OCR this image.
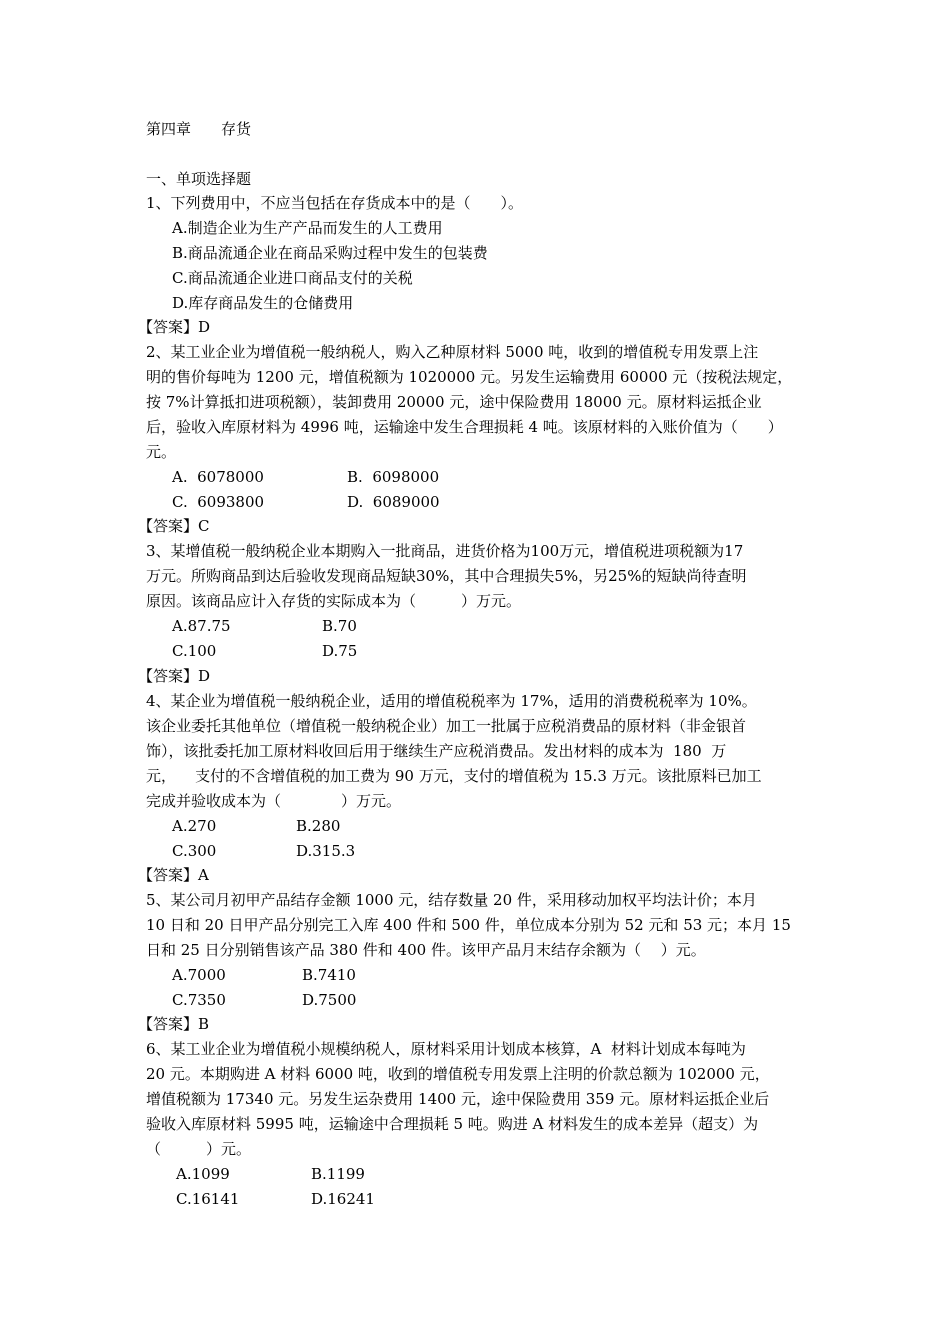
第四章 存货
一、单项选择题
1、下列费用中，不应当包括在存货成本中的是（　　）。
A.制造企业为生产产品而发生的人工费用
B.商品流通企业在商品采购过程中发生的包装费
C.商品流通企业进口商品支付的关税
D.库存商品发生的仓储费用
【答案】D
2、某工业企业为增值税一般纳税人，购入乙种原材料 5000 吨，收到的增值税专用发票上注
明的售价每吨为 1200 元，增值税额为 1020000 元。另发生运输费用 60000 元（按税法规定，
按 7%计算抵扣进项税额），装卸费用 20000 元，途中保险费用 18000 元。原材料运抵企业
后，验收入库原材料为 4996 吨，运输途中发生合理损耗 4 吨。该原材料的入账价值为（　　）
元。
A.  6078000	B.  6098000
C.  6093800	D.  6089000
【答案】C
3、某增值税一般纳税企业本期购入一批商品，进货价格为100万元，增值税进项税额为17
万元。所购商品到达后验收发现商品短缺30%，其中合理损失5%，另25%的短缺尚待查明
原因。该商品应计入存货的实际成本为（　　　）万元。
A.87.75	B.70
C.100	D.75
【答案】D
4、某企业为增值税一般纳税企业，适用的增值税税率为 17%，适用的消费税税率为 10%。
该企业委托其他单位（增值税一般纳税企业）加工一批属于应税消费品的原材料（非金银首
饰），该批委托加工原材料收回后用于继续生产应税消费品。发出材料的成本为  180  万
元，    支付的不含增值税的加工费为 90 万元，支付的增值税为 15.3 万元。该批原料已加工
完成并验收成本为（　　　　）万元。
A.270	B.280
C.300	D.315.3
【答案】A
5、某公司月初甲产品结存金额 1000 元，结存数量 20 件，采用移动加权平均法计价；本月
10 日和 20 日甲产品分别完工入库 400 件和 500 件，单位成本分别为 52 元和 53 元；本月 15
日和 25 日分别销售该产品 380 件和 400 件。该甲产品月末结存余额为（　 ）元。
A.7000	B.7410
C.7350	D.7500
【答案】B
6、某工业企业为增值税小规模纳税人，原材料采用计划成本核算，A  材料计划成本每吨为
20 元。本期购进 A 材料 6000 吨，收到的增值税专用发票上注明的价款总额为 102000 元，
增值税额为 17340 元。另发生运杂费用 1400 元，途中保险费用 359 元。原材料运抵企业后
验收入库原材料 5995 吨，运输途中合理损耗 5 吨。购进 A 材料发生的成本差异（超支）为
（　　　）元。
A.1099	B.1199
C.16141	D.16241
